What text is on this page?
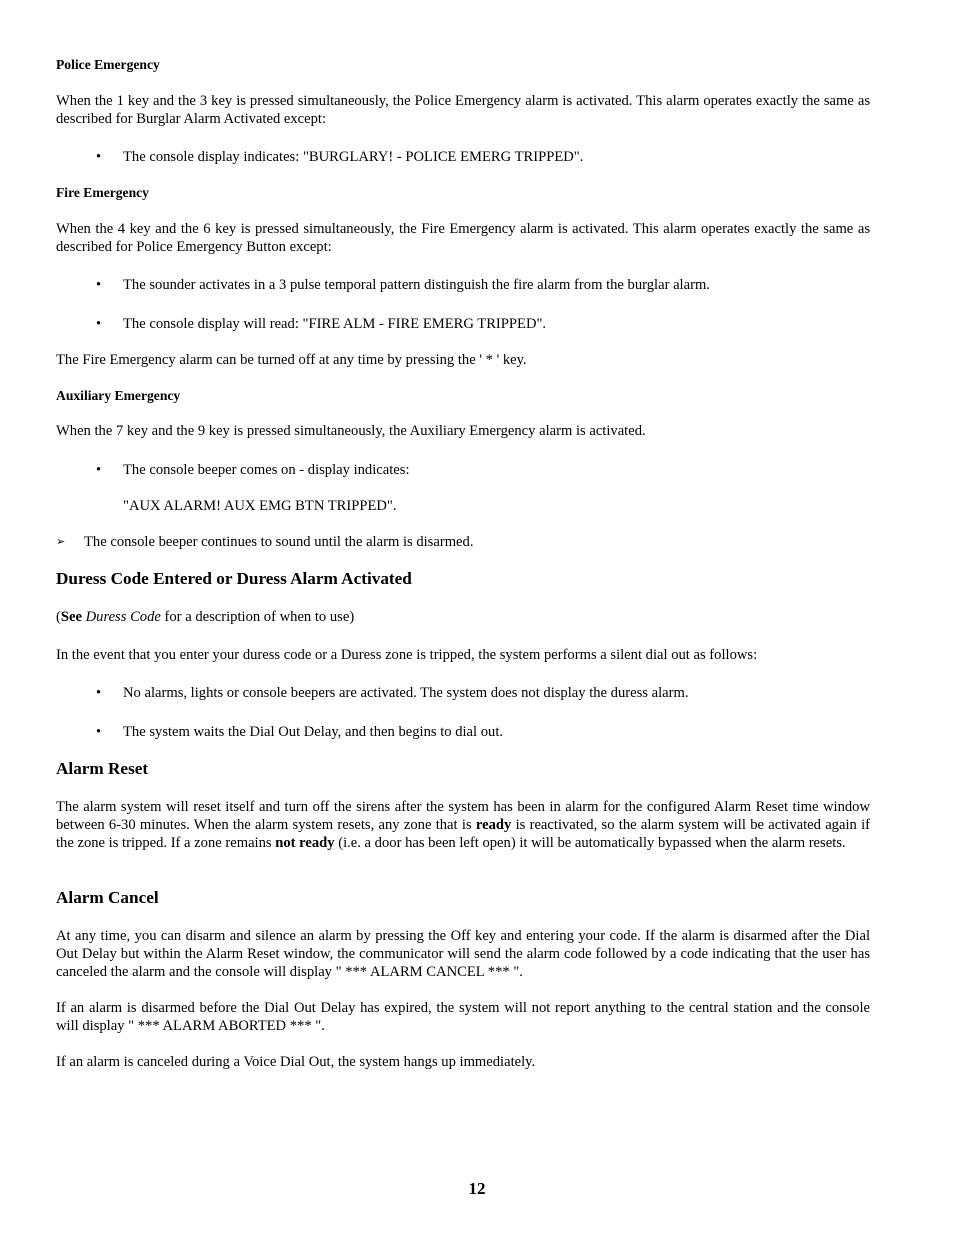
Police Emergency
When the 1 key and the 3 key is pressed simultaneously, the Police Emergency alarm is activated. This alarm operates exactly the same as described for Burglar Alarm Activated except:
•	The console display indicates: "BURGLARY! - POLICE EMERG TRIPPED".
Fire Emergency
When the 4 key and the 6 key is pressed simultaneously, the Fire Emergency alarm is activated. This alarm operates exactly the same as described for Police Emergency Button except:
•	The sounder activates in a 3 pulse temporal pattern distinguish the fire alarm from the burglar alarm.
•	The console display will read: "FIRE ALM - FIRE EMERG TRIPPED".
The Fire Emergency alarm can be turned off at any time by pressing the ' * ' key.
Auxiliary Emergency
When the 7 key and the 9 key is pressed simultaneously, the Auxiliary Emergency alarm is activated.
•	The console beeper comes on - display indicates:
"AUX ALARM! AUX EMG BTN TRIPPED".
➢	The console beeper continues to sound until the alarm is disarmed.
Duress Code Entered or Duress Alarm Activated
(See Duress Code for a description of when to use)
In the event that you enter your duress code or a Duress zone is tripped, the system performs a silent dial out as follows:
•	No alarms, lights or console beepers are activated. The system does not display the duress alarm.
•	The system waits the Dial Out Delay, and then begins to dial out.
Alarm Reset
The alarm system will reset itself and turn off the sirens after the system has been in alarm for the configured Alarm Reset time window between 6-30 minutes. When the alarm system resets, any zone that is ready is reactivated, so the alarm system will be activated again if the zone is tripped. If a zone remains not ready (i.e. a door has been left open) it will be automatically bypassed when the alarm resets.
Alarm Cancel
At any time, you can disarm and silence an alarm by pressing the Off key and entering your code. If the alarm is disarmed after the Dial Out Delay but within the Alarm Reset window, the communicator will send the alarm code followed by a code indicating that the user has canceled the alarm and the console will display " *** ALARM CANCEL *** ".
If an alarm is disarmed before the Dial Out Delay has expired, the system will not report anything to the central station and the console will display " *** ALARM ABORTED *** ".
If an alarm is canceled during a Voice Dial Out, the system hangs up immediately.
12
